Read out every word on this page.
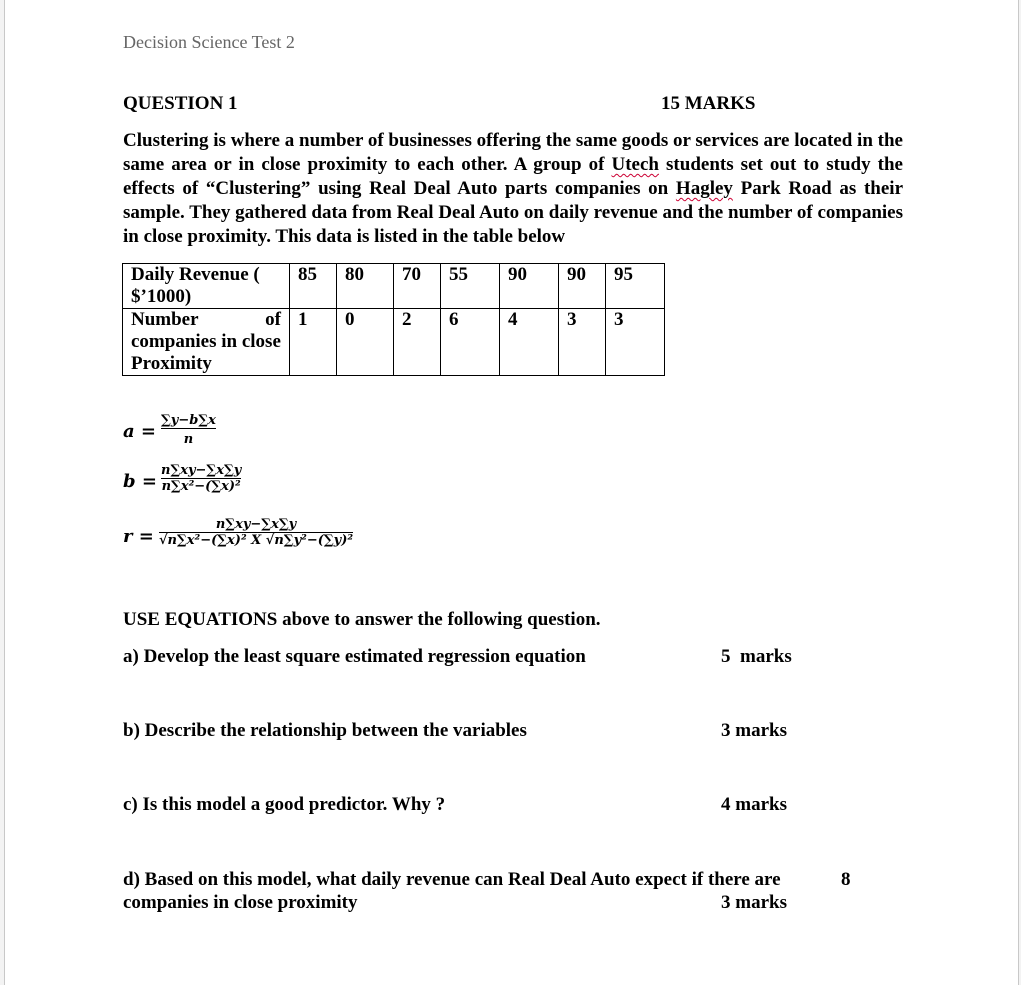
Decision Science Test 2
QUESTION 1	15 MARKS
Clustering is where a number of businesses offering the same goods or services are located in the same area or in close proximity to each other. A group of Utech students set out to study the effects of “Clustering” using Real Deal Auto parts companies on Hagley Park Road as their sample. They gathered data from Real Deal Auto on daily revenue and the number of companies in close proximity. This data is listed in the table below
Daily Revenue ( $’1000)	85	80	70	55	90	90	95

Number of
companies in close Proximity	1	0	2	6	4	3	3
$a = \frac{\sum y-b\sum x}{n}$
$b = \frac{n\sum xy-\sum x\sum y}{\text{n∑x²−(∑x)²}}$
$r = \frac{n\sum xy-\sum x\sum y}{\text{√n∑x²−(∑x)² X √n∑y²−(∑y)²}}$
USE EQUATIONS above to answer the following question.
a) Develop the least square estimated regression equation	5  marks
b) Describe the relationship between the variables	3 marks
c) Is this model a good predictor. Why ?	4 marks
d) Based on this model, what daily revenue can Real Deal Auto expect if there are	8
companies in close proximity	3 marks
